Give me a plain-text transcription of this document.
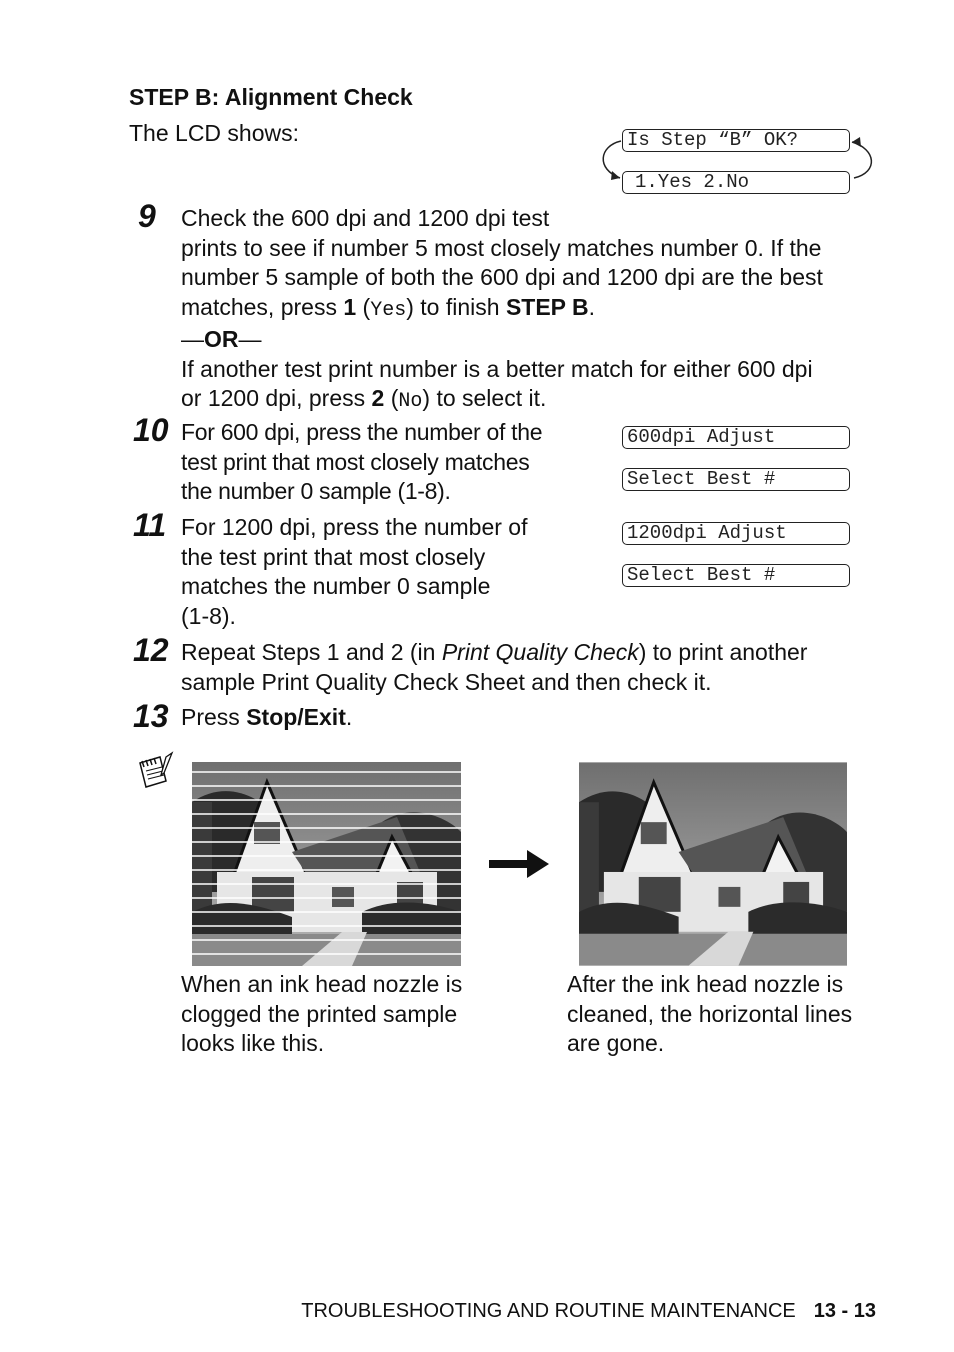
STEP B: Alignment Check
The LCD shows:	Is Step “B” OK?
1.Yes 2.No
9 Check the 600 dpi and 1200 dpi test
prints to see if number 5 most closely matches number 0. If the
number 5 sample of both the 600 dpi and 1200 dpi are the best
matches, press 1 (Yes) to finish STEP B.
—OR—
If another test print number is a better match for either 600 dpi
or 1200 dpi, press 2 (No) to select it.
10 For 600 dpi, press the number of the
test print that most closely matches
the number 0 sample (1-8).
600dpi Adjust
Select Best #
11 For 1200 dpi, press the number of
the test print that most closely
matches the number 0 sample
(1-8).
1200dpi Adjust
Select Best #
12 Repeat Steps 1 and 2 (in Print Quality Check) to print another
sample Print Quality Check Sheet and then check it.
13 Press Stop/Exit.
When an ink head nozzle is
clogged the printed sample
looks like this.
After the ink head nozzle is
cleaned, the horizontal lines
are gone.
TROUBLESHOOTING AND ROUTINE MAINTENANCE 13 - 13
